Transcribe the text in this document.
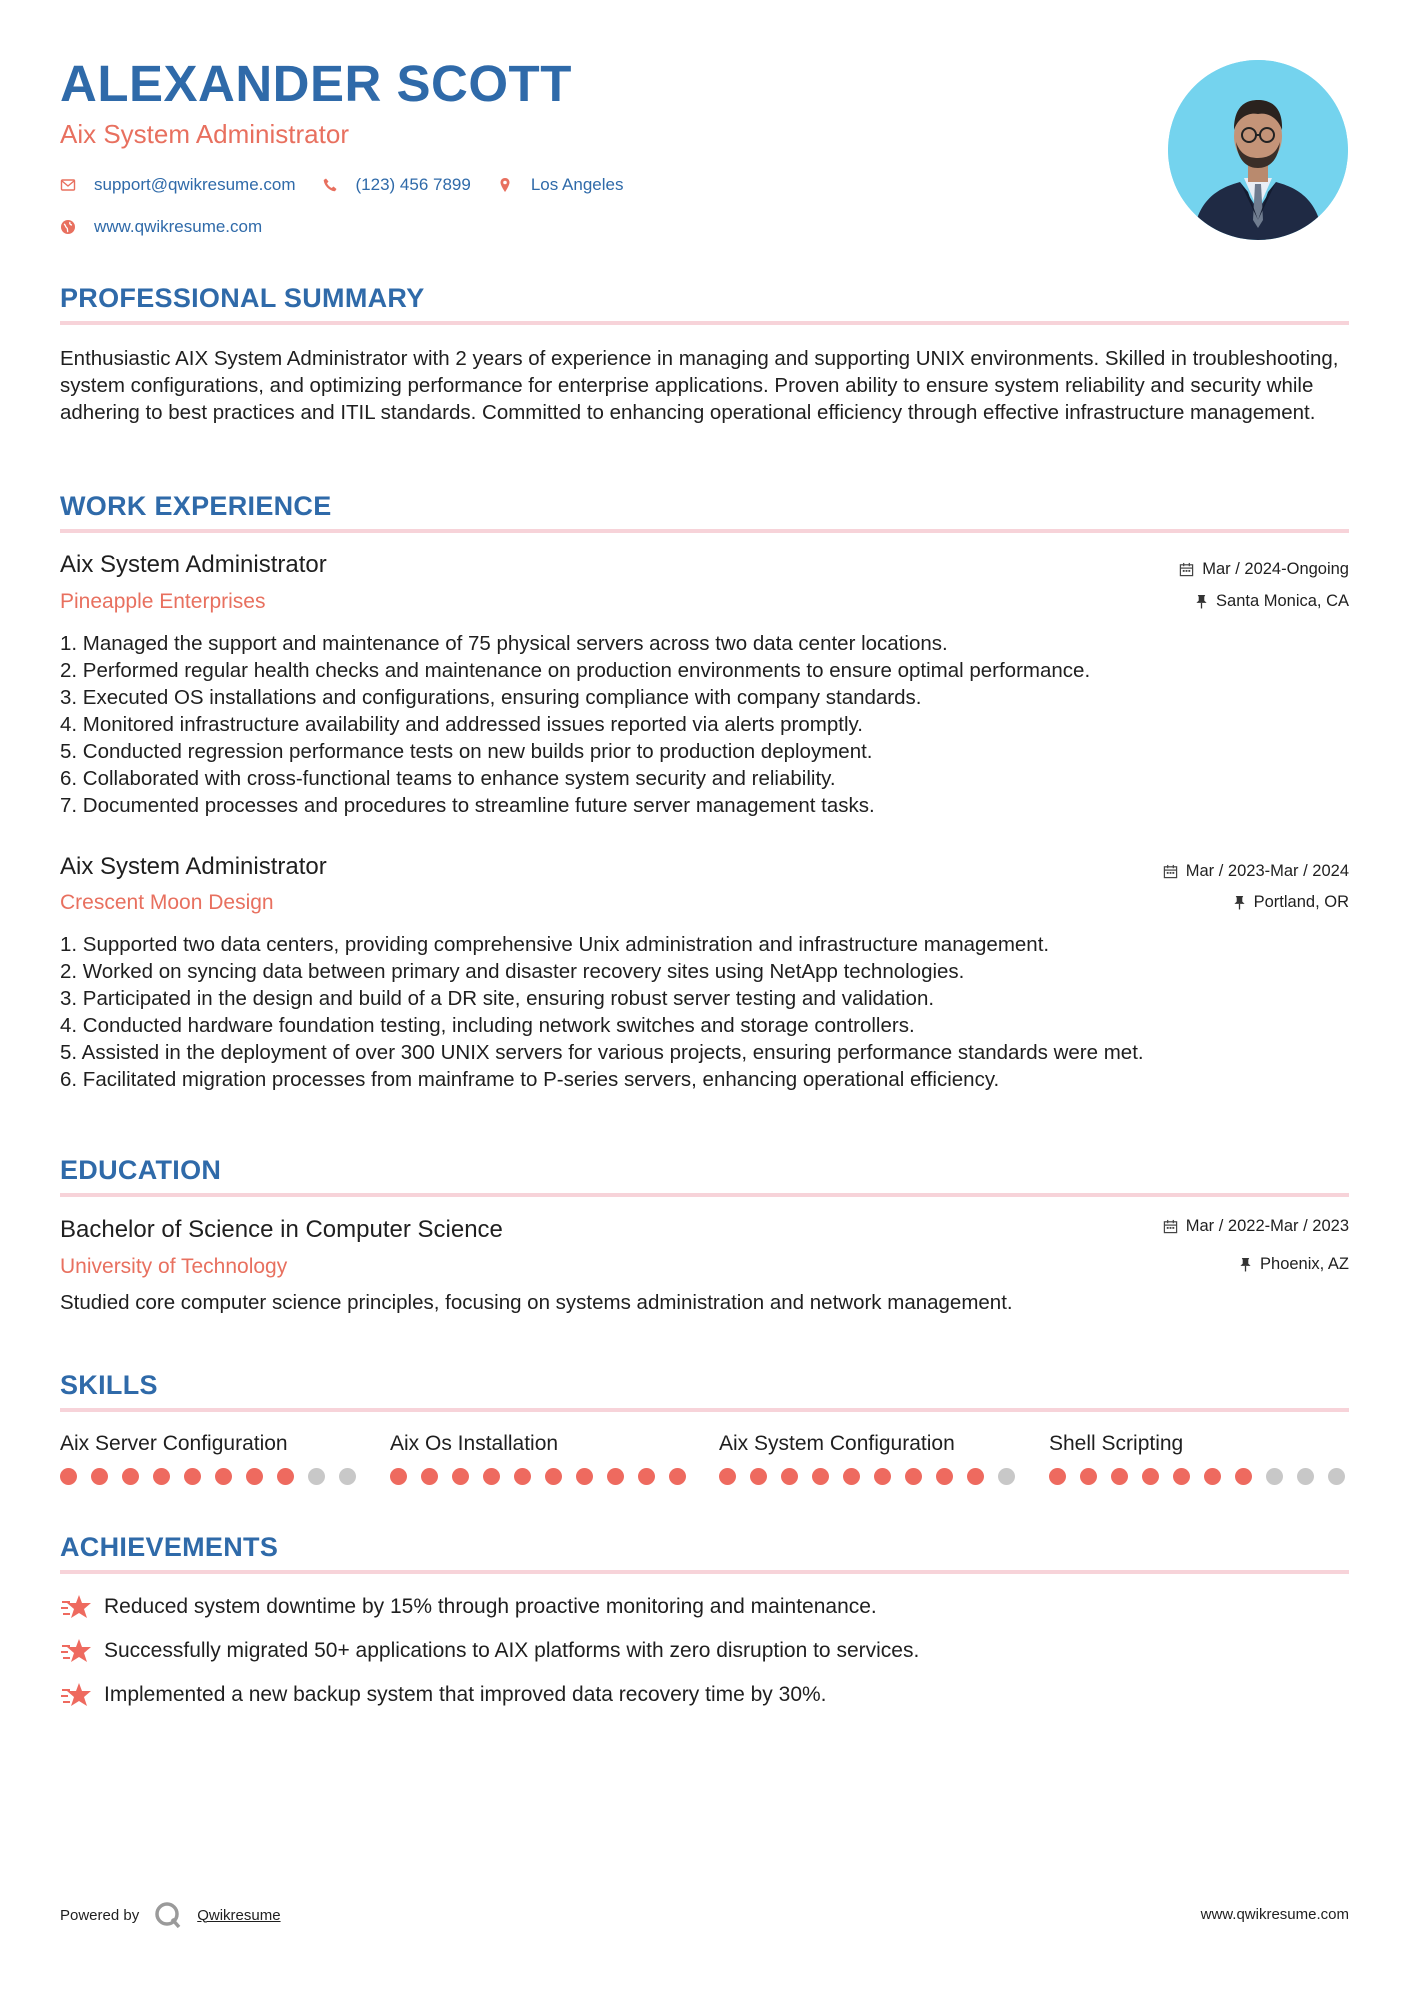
ALEXANDER SCOTT
Aix System Administrator
support@qwikresume.com	(123) 456 7899	Los Angeles
www.qwikresume.com
PROFESSIONAL SUMMARY
Enthusiastic AIX System Administrator with 2 years of experience in managing and supporting UNIX environments. Skilled in troubleshooting, system configurations, and optimizing performance for enterprise applications. Proven ability to ensure system reliability and security while adhering to best practices and ITIL standards. Committed to enhancing operational efficiency through effective infrastructure management.
WORK EXPERIENCE
Aix System Administrator	Mar / 2024-Ongoing
Pineapple Enterprises	Santa Monica, CA
1. Managed the support and maintenance of 75 physical servers across two data center locations.
2. Performed regular health checks and maintenance on production environments to ensure optimal performance.
3. Executed OS installations and configurations, ensuring compliance with company standards.
4. Monitored infrastructure availability and addressed issues reported via alerts promptly.
5. Conducted regression performance tests on new builds prior to production deployment.
6. Collaborated with cross-functional teams to enhance system security and reliability.
7. Documented processes and procedures to streamline future server management tasks.
Aix System Administrator	Mar / 2023-Mar / 2024
Crescent Moon Design	Portland, OR
1. Supported two data centers, providing comprehensive Unix administration and infrastructure management.
2. Worked on syncing data between primary and disaster recovery sites using NetApp technologies.
3. Participated in the design and build of a DR site, ensuring robust server testing and validation.
4. Conducted hardware foundation testing, including network switches and storage controllers.
5. Assisted in the deployment of over 300 UNIX servers for various projects, ensuring performance standards were met.
6. Facilitated migration processes from mainframe to P-series servers, enhancing operational efficiency.
EDUCATION
Bachelor of Science in Computer Science	Mar / 2022-Mar / 2023
University of Technology	Phoenix, AZ
Studied core computer science principles, focusing on systems administration and network management.
SKILLS
Aix Server Configuration	Aix Os Installation	Aix System Configuration	Shell Scripting
ACHIEVEMENTS
Reduced system downtime by 15% through proactive monitoring and maintenance.
Successfully migrated 50+ applications to AIX platforms with zero disruption to services.
Implemented a new backup system that improved data recovery time by 30%.
Powered by	Qwikresume	www.qwikresume.com
